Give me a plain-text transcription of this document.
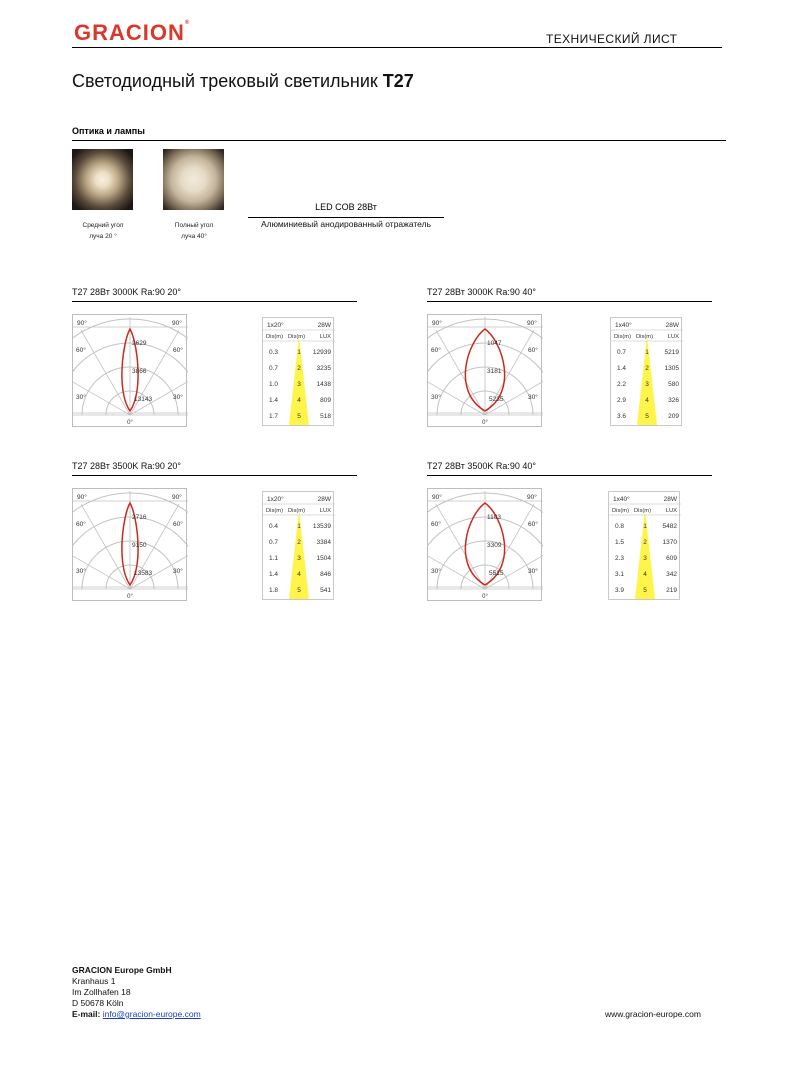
GRACION®
ТЕХНИЧЕСКИЙ ЛИСТ
Светодиодный трековый светильник T27
Оптика и лампы
Средний угол
луча 20 °
Полный угол
луча 40°
LED COB 28Вт
Алюминиевый анодированный отражатель
T27 28Вт 3000K Ra:90 20°
90°	90°
60°	60°
30°	30°
0°
2629
3866
13143
1x20°	28W
Dis(m) Dis(m)	LUX
0.3	1 12939
0.7	2 3235
1.0	3 1438
1.4	4	809
1.7	5	518
T27 28Вт 3000K Ra:90 40°
90°	90°
60°	60°
30°	30°
0°
1047
3181
5235
1x40°	28W
Dis(m) Dis(m)	LUX
0.7	1 5219
1.4	2 1305
2.2	3	580
2.9	4	326
3.6	5	209
T27 28Вт 3500K Ra:90 20°
90°	90°
60°	60°
30°	30°
0°
2716
9150
13583
1x20°	28W
Dis(m) Dis(m)	LUX
0.4	1 13539
0.7	2 3384
1.1	3 1504
1.4	4	846
1.8	5	541
T27 28Вт 3500K Ra:90 40°
90°	90°
60°	60°
30°	30°
0°
1103
3309
5515
1x40°	28W
Dis(m) Dis(m)	LUX
0.8	1 5482
1.5	2 1370
2.3	3	609
3.1	4	342
3.9	5	219
GRACION Europe GmbH
Kranhaus 1
Im Zollhafen 18
D 50678 Köln
E-mail: info@gracion-europe.com	www.gracion-europe.com
